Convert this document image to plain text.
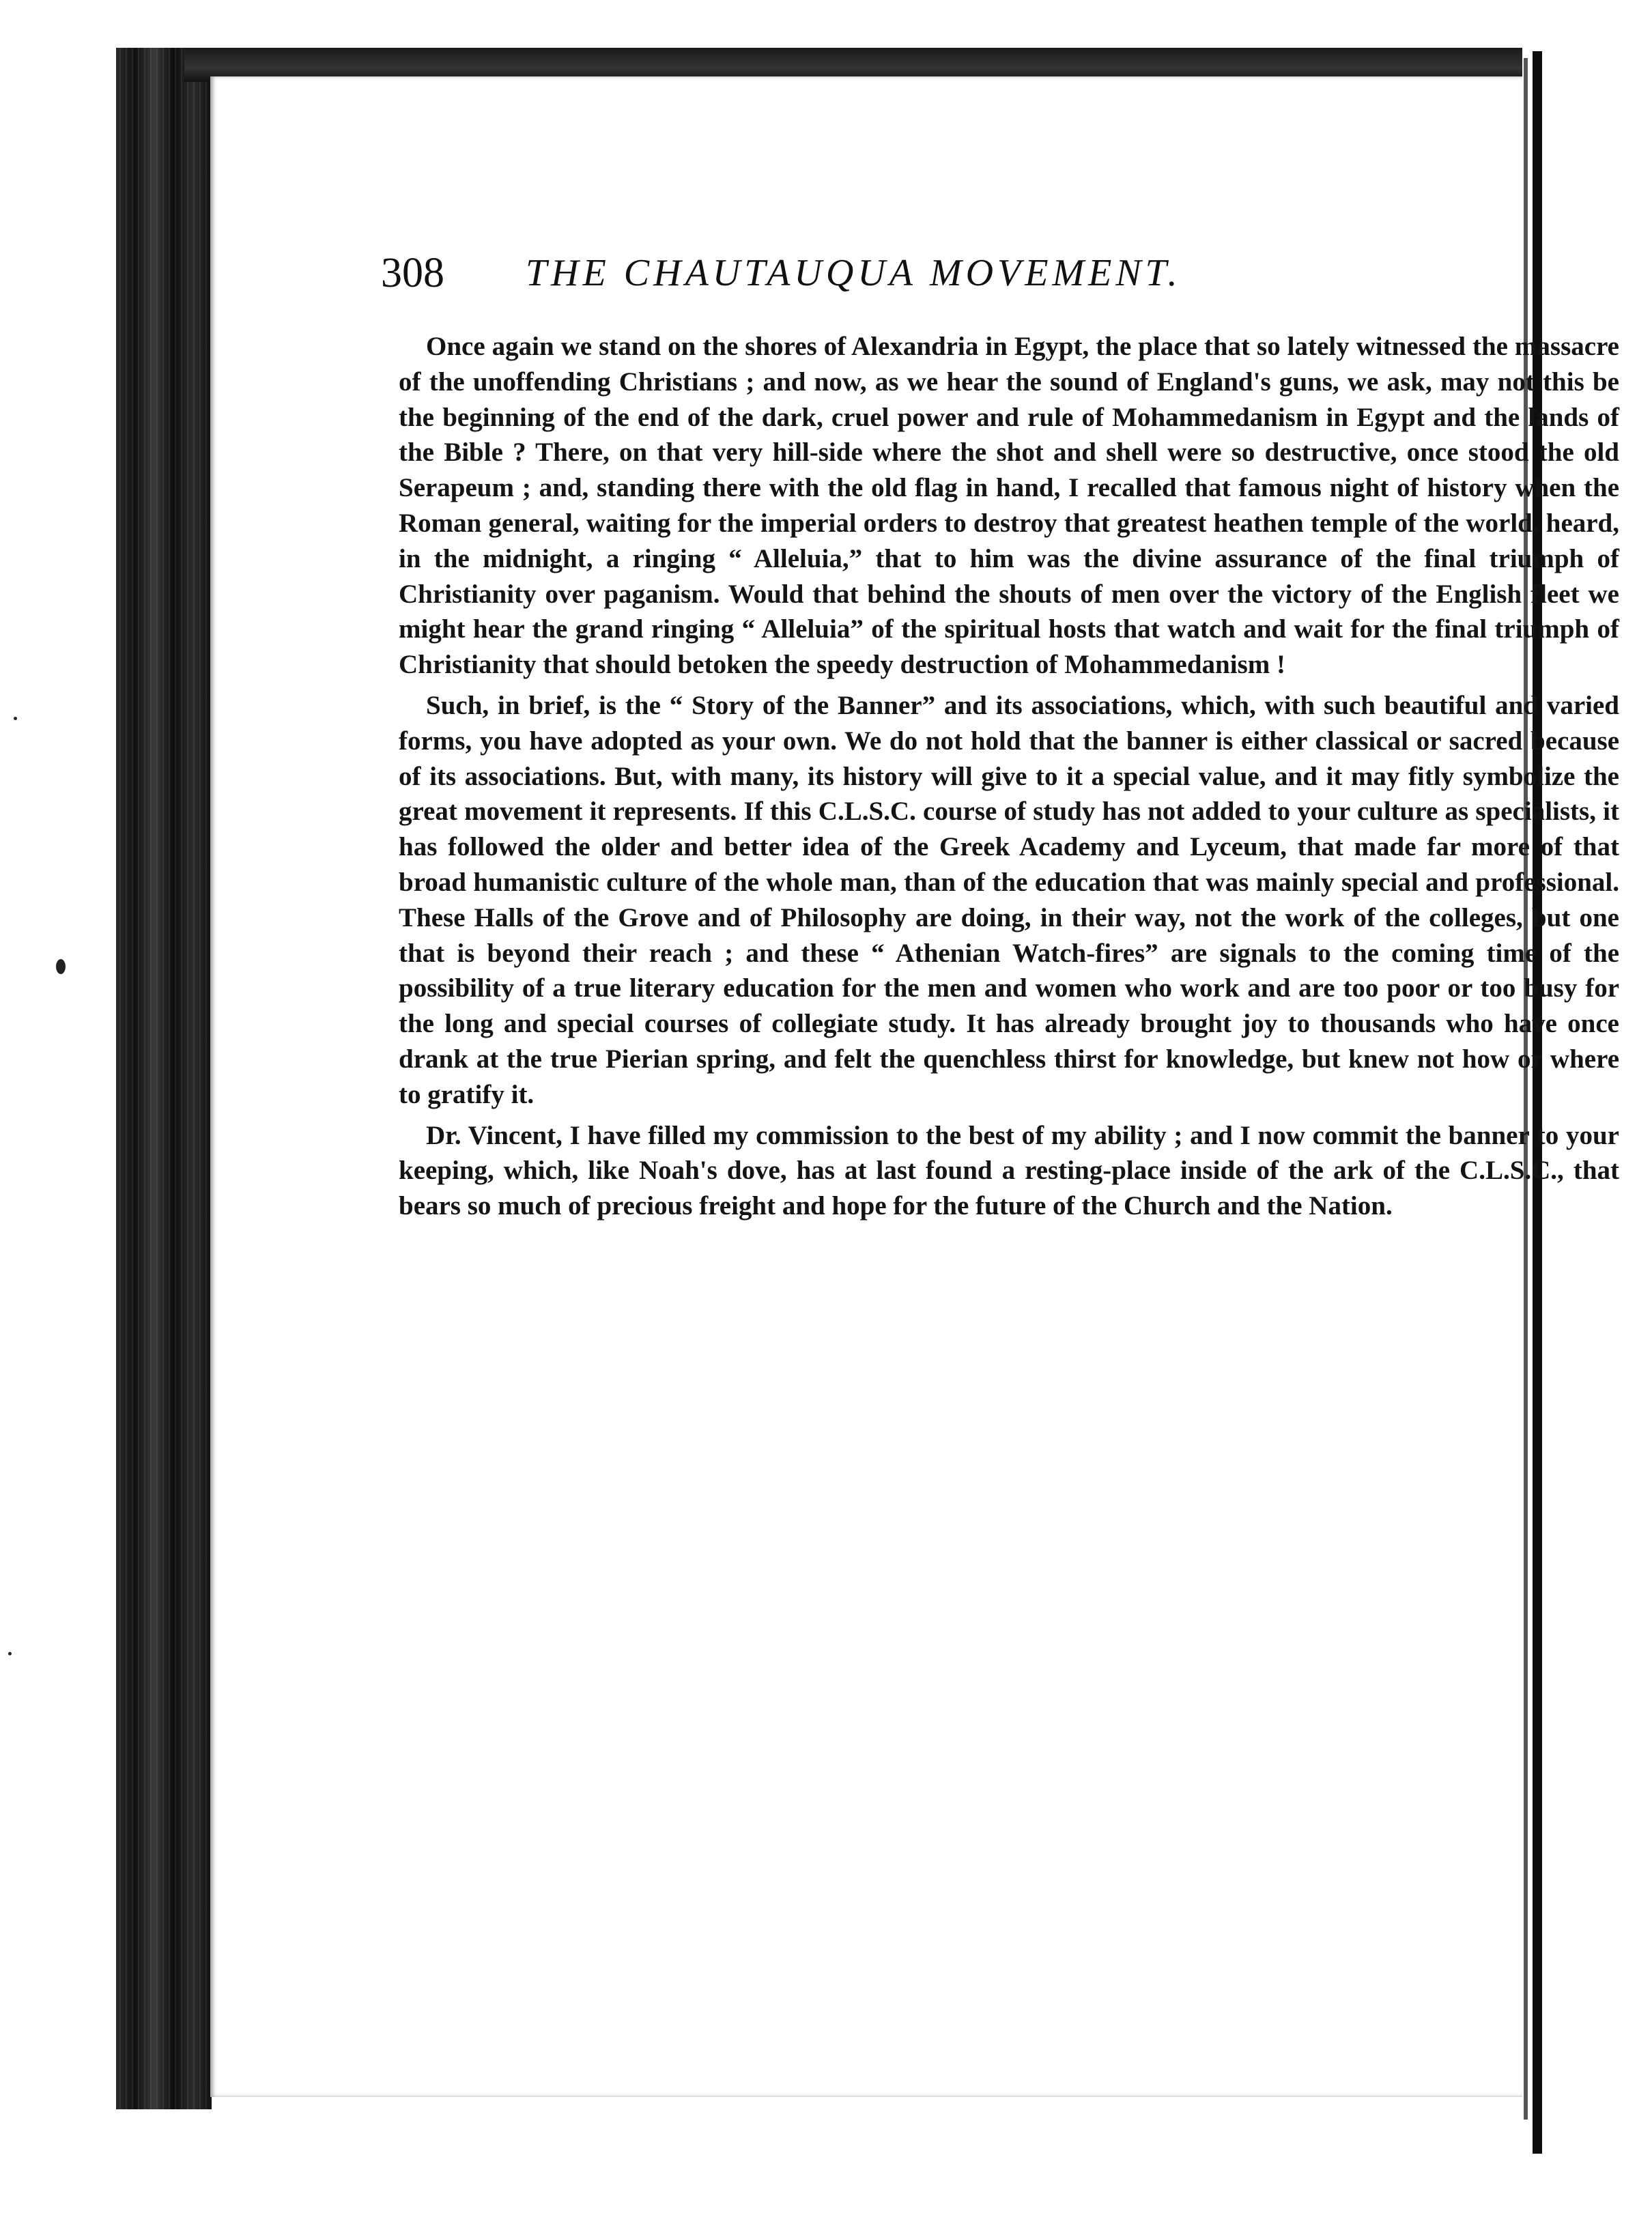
308 THE CHAUTAUQUA MOVEMENT.

Once again we stand on the shores of Alexandria in Egypt, the place that so lately witnessed the massacre of the unoffending Christians ; and now, as we hear the sound of England's guns, we ask, may not this be the beginning of the end of the dark, cruel power and rule of Mohammedanism in Egypt and the lands of the Bible ? There, on that very hill-side where the shot and shell were so destructive, once stood the old Serapeum ; and, standing there with the old flag in hand, I recalled that famous night of history when the Roman general, waiting for the imperial orders to destroy that greatest heathen temple of the world, heard, in the midnight, a ringing “ Alleluia,” that to him was the divine assurance of the final triumph of Christianity over paganism. Would that behind the shouts of men over the victory of the English fleet we might hear the grand ringing “ Alleluia” of the spiritual hosts that watch and wait for the final triumph of Christianity that should betoken the speedy destruction of Mohammedanism !

Such, in brief, is the “ Story of the Banner” and its associations, which, with such beautiful and varied forms, you have adopted as your own. We do not hold that the banner is either classical or sacred because of its associations. But, with many, its history will give to it a special value, and it may fitly symbolize the great movement it represents. If this C.L.S.C. course of study has not added to your culture as specialists, it has followed the older and better idea of the Greek Academy and Lyceum, that made far more of that broad humanistic culture of the whole man, than of the education that was mainly special and professional. These Halls of the Grove and of Philosophy are doing, in their way, not the work of the colleges, but one that is beyond their reach ; and these “ Athenian Watch-fires” are signals to the coming time of the possibility of a true literary education for the men and women who work and are too poor or too busy for the long and special courses of collegiate study. It has already brought joy to thousands who have once drank at the true Pierian spring, and felt the quenchless thirst for knowledge, but knew not how or where to gratify it.

Dr. Vincent, I have filled my commission to the best of my ability ; and I now commit the banner to your keeping, which, like Noah's dove, has at last found a resting-place inside of the ark of the C.L.S.C., that bears so much of precious freight and hope for the future of the Church and the Nation.
